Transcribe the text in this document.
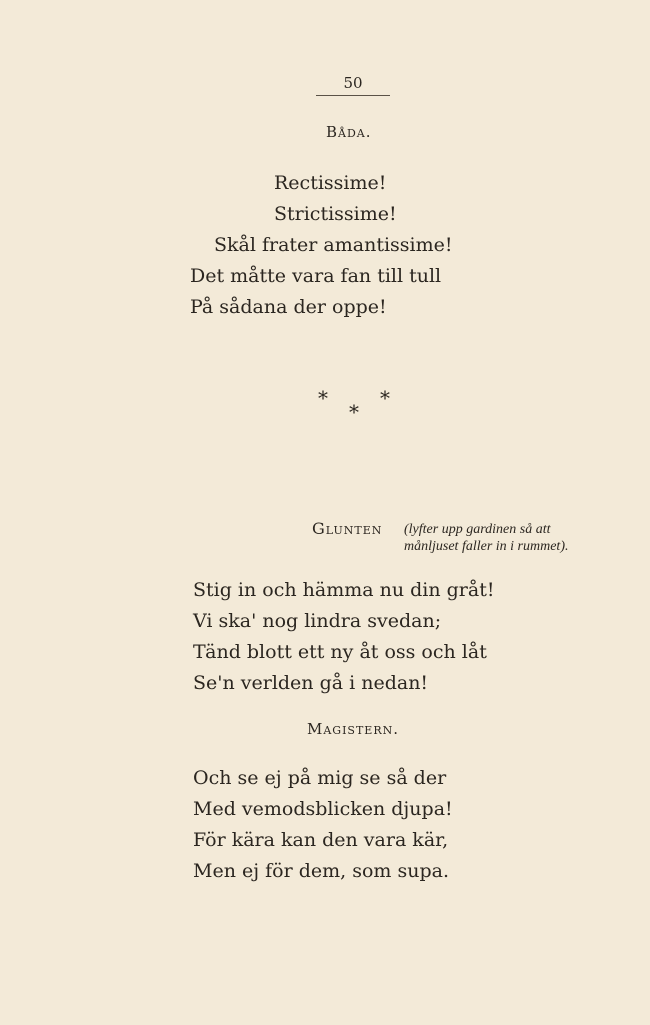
50
Båda.
Rectissime!
Strictissime!
Skål frater amantissime!
Det måtte vara fan till tull
På sådana der oppe!
*
*
*
Glunten (lyfter upp gardinen så att
månljuset faller in i rummet).
Stig in och hämma nu din gråt!
Vi ska' nog lindra svedan;
Tänd blott ett ny åt oss och låt
Se'n verlden gå i nedan!
Magistern.
Och se ej på mig se så der
Med vemodsblicken djupa!
För kära kan den vara kär,
Men ej för dem, som supa.
